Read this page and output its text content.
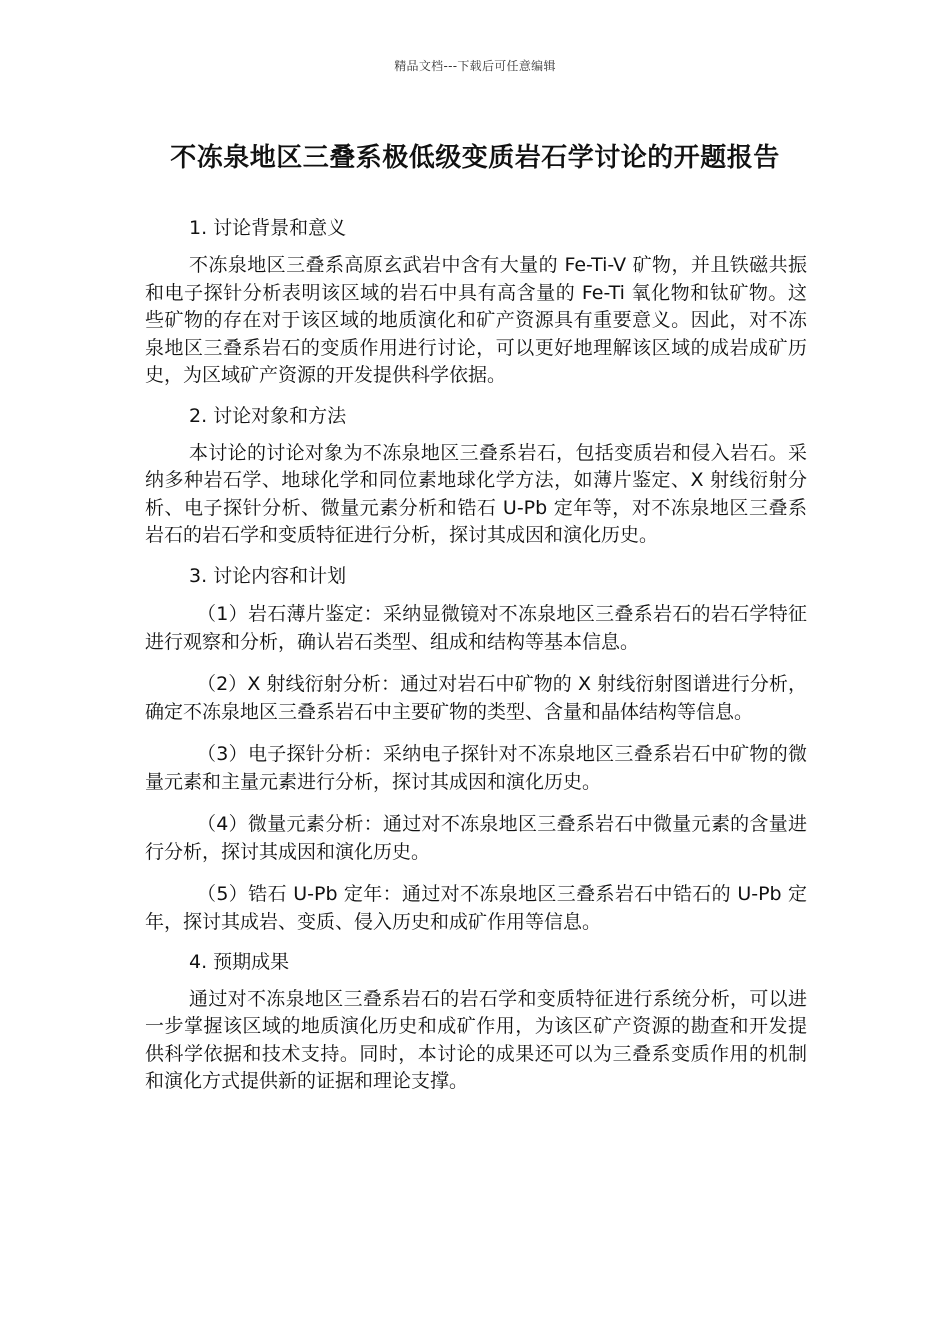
精品文档---下载后可任意编辑
不冻泉地区三叠系极低级变质岩石学讨论的开题报告

1. 讨论背景和意义

不冻泉地区三叠系高原玄武岩中含有大量的 Fe-Ti-V 矿物，并且铁磁共振和电子探针分析表明该区域的岩石中具有高含量的 Fe-Ti 氧化物和钛矿物。这些矿物的存在对于该区域的地质演化和矿产资源具有重要意义。因此，对不冻泉地区三叠系岩石的变质作用进行讨论，可以更好地理解该区域的成岩成矿历史，为区域矿产资源的开发提供科学依据。

2. 讨论对象和方法

本讨论的讨论对象为不冻泉地区三叠系岩石，包括变质岩和侵入岩石。采纳多种岩石学、地球化学和同位素地球化学方法，如薄片鉴定、X 射线衍射分析、电子探针分析、微量元素分析和锆石 U-Pb 定年等，对不冻泉地区三叠系岩石的岩石学和变质特征进行分析，探讨其成因和演化历史。

3. 讨论内容和计划

（1）岩石薄片鉴定：采纳显微镜对不冻泉地区三叠系岩石的岩石学特征进行观察和分析，确认岩石类型、组成和结构等基本信息。

（2）X 射线衍射分析：通过对岩石中矿物的 X 射线衍射图谱进行分析，确定不冻泉地区三叠系岩石中主要矿物的类型、含量和晶体结构等信息。

（3）电子探针分析：采纳电子探针对不冻泉地区三叠系岩石中矿物的微量元素和主量元素进行分析，探讨其成因和演化历史。

（4）微量元素分析：通过对不冻泉地区三叠系岩石中微量元素的含量进行分析，探讨其成因和演化历史。

（5）锆石 U-Pb 定年：通过对不冻泉地区三叠系岩石中锆石的 U-Pb 定年，探讨其成岩、变质、侵入历史和成矿作用等信息。

4. 预期成果

通过对不冻泉地区三叠系岩石的岩石学和变质特征进行系统分析，可以进一步掌握该区域的地质演化历史和成矿作用，为该区矿产资源的勘查和开发提供科学依据和技术支持。同时，本讨论的成果还可以为三叠系变质作用的机制和演化方式提供新的证据和理论支撑。
